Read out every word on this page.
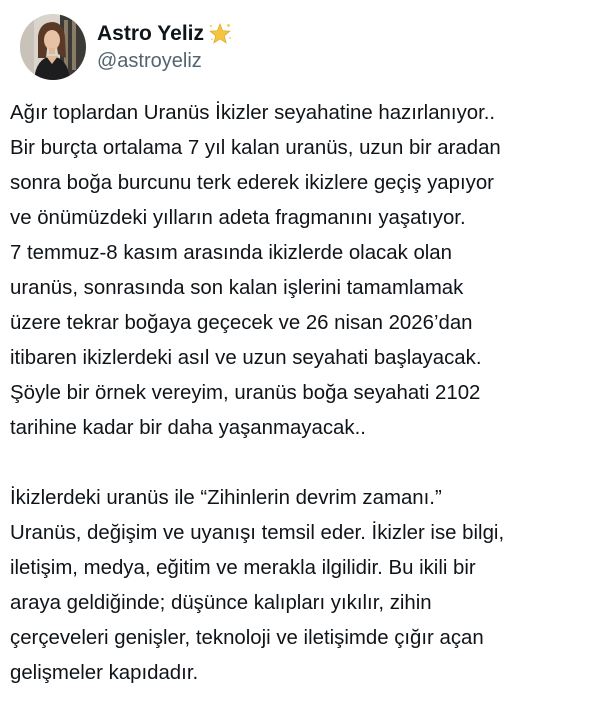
Astro Yeliz
@astroyeliz
Ağır toplardan Uranüs İkizler seyahatine hazırlanıyor..
Bir burçta ortalama 7 yıl kalan uranüs, uzun bir aradan
sonra boğa burcunu terk ederek ikizlere geçiş yapıyor
ve önümüzdeki yılların adeta fragmanını yaşatıyor.
7 temmuz-8 kasım arasında ikizlerde olacak olan
uranüs, sonrasında son kalan işlerini tamamlamak
üzere tekrar boğaya geçecek ve 26 nisan 2026’dan
itibaren ikizlerdeki asıl ve uzun seyahati başlayacak.
Şöyle bir örnek vereyim, uranüs boğa seyahati 2102
tarihine kadar bir daha yaşanmayacak..
İkizlerdeki uranüs ile “Zihinlerin devrim zamanı.”
Uranüs, değişim ve uyanışı temsil eder. İkizler ise bilgi,
iletişim, medya, eğitim ve merakla ilgilidir. Bu ikili bir
araya geldiğinde; düşünce kalıpları yıkılır, zihin
çerçeveleri genişler, teknoloji ve iletişimde çığır açan
gelişmeler kapıdadır.
